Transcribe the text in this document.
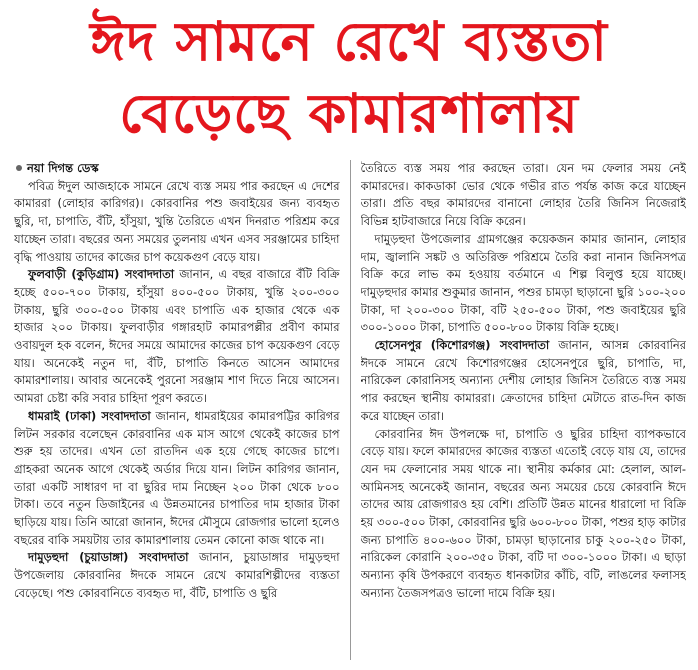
ঈদ সামনে রেখে ব্যস্ততা
বেড়েছে কামারশালায়
নয়া দিগন্ত ডেস্ক

পবিত্র ঈদুল আজহাকে সামনে রেখে ব্যস্ত সময় পার করছেন এ দেশের কামাররা (লোহার কারিগর)। কোরবানির পশু জবাইয়ের জন্য ব্যবহৃত ছুরি, দা, চাপাতি, বঁটি, হাঁসুয়া, খুন্তি তৈরিতে এখন দিনরাত পরিশ্রম করে যাচ্ছেন তারা। বছরের অন্য সময়ের তুলনায় এখন এসব সরঞ্জামের চাহিদা বৃদ্ধি পাওয়ায় তাদের কাজের চাপ কয়েকগুণ বেড়ে যায়।

ফুলবাড়ী (কুড়িগ্রাম) সংবাদদাতা জানান, এ বছর বাজারে বঁটি বিক্রি হচ্ছে ৫০০-৭০০ টাকায়, হাঁসুয়া ৪০০-৫০০ টাকায়, খুন্তি ২০০-৩০০ টাকায়, ছুরি ৩০০-৫০০ টাকায় এবং চাপাতি এক হাজার থেকে এক হাজার ২০০ টাকায়। ফুলবাড়ীর গঙ্গারহাট কামারপল্লীর প্রবীণ কামার ওবায়দুল হক বলেন, ঈদের সময়ে আমাদের কাজের চাপ কয়েকগুণ বেড়ে যায়। অনেকেই নতুন দা, বঁটি, চাপাতি কিনতে আসেন আমাদের কামারশালায়। আবার অনেকেই পুরনো সরঞ্জাম শাণ দিতে নিয়ে আসেন। আমরা চেষ্টা করি সবার চাহিদা পূরণ করতে।

ধামরাই (ঢাকা) সংবাদদাতা জানান, ধামরাইয়ের কামারপট্টির কারিগর লিটন সরকার বলেছেন কোরবানির এক মাস আগে থেকেই কাজের চাপ শুরু হয় তাদের। এখন তো রাতদিন এক হয়ে গেছে কাজের চাপে। গ্রাহকরা অনেক আগে থেকেই অর্ডার দিয়ে যান। লিটন কারিগর জানান, তারা একটি সাধারণ দা বা ছুরির দাম নিচ্ছেন ২০০ টাকা থেকে ৮০০ টাকা। তবে নতুন ডিজাইনের এ উন্নতমানের চাপাতির দাম হাজার টাকা ছাড়িয়ে যায়। তিনি আরো জানান, ঈদের মৌসুমে রোজগার ভালো হলেও বছরের বাকি সময়টায় তার কামারশালায় তেমন কোনো কাজ থাকে না।

দামুড়হুদা (চুয়াডাঙ্গা) সংবাদদাতা জানান, চুয়াডাঙ্গার দামুড়হুদা উপজেলায় কোরবানির ঈদকে সামনে রেখে কামারশিল্পীদের ব্যস্ততা বেড়েছে। পশু কোরবানিতে ব্যবহৃত দা, বঁটি, চাপাতি ও ছুরি

তৈরিতে ব্যস্ত সময় পার করছেন তারা। যেন দম ফেলার সময় নেই কামারদের। কাকডাকা ভোর থেকে গভীর রাত পর্যন্ত কাজ করে যাচ্ছেন তারা। প্রতি বছর কামারদের বানানো লোহার তৈরি জিনিস নিজেরাই বিভিন্ন হাটবাজারে নিয়ে বিক্রি করেন।

দামুড়হুদা উপজেলার গ্রামগঞ্জের কয়েকজন কামার জানান, লোহার দাম, জ্বালানি সঙ্কট ও অতিরিক্ত পরিশ্রমে তৈরি করা নানান জিনিসপত্র বিক্রি করে লাভ কম হওয়ায় বর্তমানে এ শিল্প বিলুপ্ত হয়ে যাচ্ছে। দামুড়হুদার কামার শুকুমার জানান, পশুর চামড়া ছাড়ানো ছুরি ১০০-২০০ টাকা, দা ২০০-৩০০ টাকা, বটি ২৫০-৫০০ টাকা, পশু জবাইয়ের ছুরি ৩০০-১০০০ টাকা, চাপাতি ৫০০-৮০০ টাকায় বিক্রি হচ্ছে।

হোসেনপুর (কিশোরগঞ্জ) সংবাদদাতা জানান, আসন্ন কোরবানির ঈদকে সামনে রেখে কিশোরগঞ্জের হোসেনপুরে ছুরি, চাপাতি, দা, নারিকেল কোরানিসহ অন্যান্য দেশীয় লোহার জিনিস তৈরিতে ব্যস্ত সময় পার করছেন স্থানীয় কামাররা। ক্রেতাদের চাহিদা মেটাতে রাত-দিন কাজ করে যাচ্ছেন তারা।

কোরবানির ঈদ উপলক্ষে দা, চাপাতি ও ছুরির চাহিদা ব্যাপকভাবে বেড়ে যায়। ফলে কামারদের কাজের ব্যস্ততা এতোই বেড়ে যায় যে, তাদের যেন দম ফেলানোর সময় থাকে না। স্থানীয় কর্মকার মো: হেলাল, আল-আমিনসহ অনেকেই জানান, বছরের অন্য সময়ের চেয়ে কোরবানি ঈদে তাদের আয় রোজগারও হয় বেশি। প্রতিটি উন্নত মানের ধারালো দা বিক্রি হয় ৩০০-৫০০ টাকা, কোরবানির ছুরি ৬০০-৮০০ টাকা, পশুর হাড় কাটার জন্য চাপাতি ৪০০-৬০০ টাকা, চামড়া ছাড়ানোর চাকু ২০০-২৫০ টাকা, নারিকেল কোরানি ২০০-৩৫০ টাকা, বটি দা ৩০০-১০০০ টাকা। এ ছাড়া অন্যান্য কৃষি উপকরণে ব্যবহৃত ধানকাটার কাঁচি, বটি, লাঙলের ফলাসহ অন্যান্য তৈজসপত্রও ভালো দামে বিক্রি হয়।
